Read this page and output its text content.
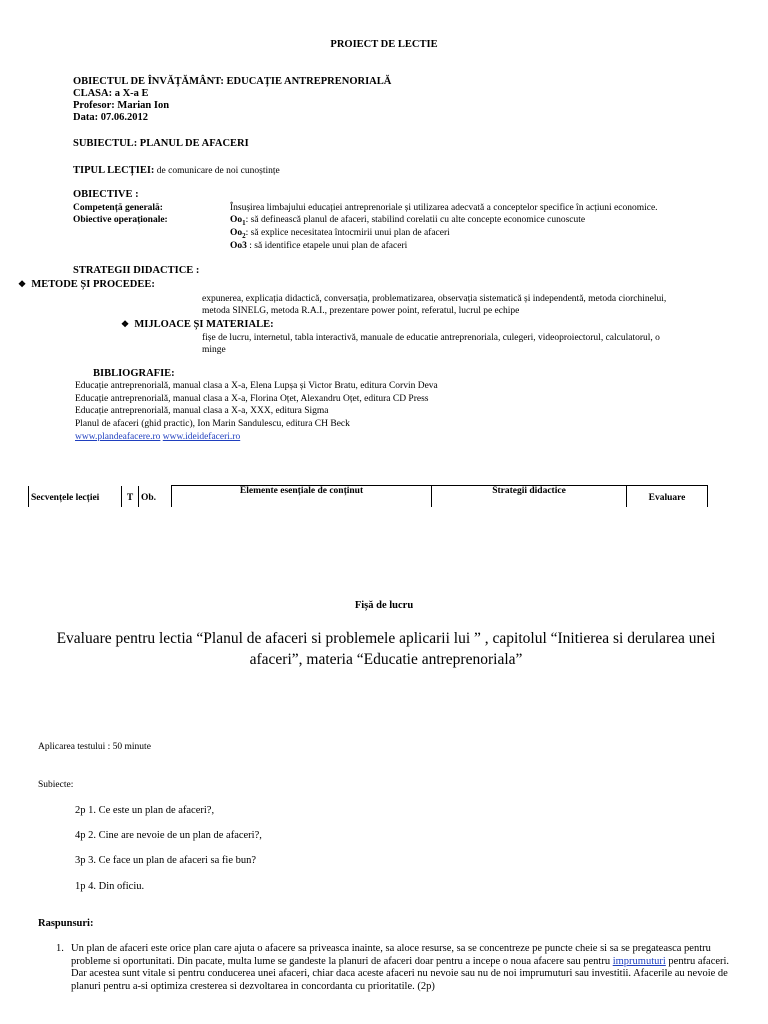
PROIECT DE LECTIE
OBIECTUL DE ÎNVĂȚĂMÂNT: EDUCAȚIE ANTREPRENORIALĂ
CLASA: a X-a E
Profesor: Marian Ion
Data: 07.06.2012
SUBIECTUL: PLANUL DE AFACERI
TIPUL LECȚIEI: de comunicare de noi cunoștințe
OBIECTIVE :
Competență generală:	Însușirea limbajului educației antreprenoriale și utilizarea adecvată a conceptelor specifice în acțiuni economice.
Obiective operaționale:	$Oo_1$: să definească planul de afaceri, stabilind corelatii cu alte concepte economice cunoscute
$Oo_2$: să explice necesitatea întocmirii unui plan de afaceri
Oo3 : să identifice etapele unui plan de afaceri
STRATEGII DIDACTICE :
❖ METODE ȘI PROCEDEE:
expunerea, explicația didactică, conversația, problematizarea, observația sistematică și independentă, metoda ciorchinelui,
metoda SINELG, metoda R.A.I., prezentare power point, referatul, lucrul pe echipe
❖ MIJLOACE ȘI MATERIALE:
fișe de lucru, internetul, tabla interactivă, manuale de educatie antreprenoriala, culegeri, videoproiectorul, calculatorul, o
minge
BIBLIOGRAFIE:
Educație antreprenorială, manual clasa a X-a, Elena Lupșa și Victor Bratu, editura Corvin Deva
Educație antreprenorială, manual clasa a X-a, Florina Oțet, Alexandru Oțet, editura CD Press
Educație antreprenorială, manual clasa a X-a, XXX, editura Sigma
Planul de afaceri (ghid practic), Ion Marin Sandulescu, editura CH Beck
www.plandeafacere.ro www.ideidefaceri.ro
Secvențele lecției	T	Ob.	Elemente esențiale de conținut	Strategii didactice	Evaluare
Fișă de lucru
Evaluare pentru lectia “Planul de afaceri si problemele aplicarii lui ” , capitolul “Initierea si derularea unei afaceri”, materia “Educatie antreprenoriala”
Aplicarea testului : 50 minute
Subiecte:
2p 1. Ce este un plan de afaceri?,
4p 2. Cine are nevoie de un plan de afaceri?,
3p 3. Ce face un plan de afaceri sa fie bun?
1p 4. Din oficiu.
Raspunsuri:
1. Un plan de afaceri este orice plan care ajuta o afacere sa priveasca inainte, sa aloce resurse, sa se concentreze pe puncte cheie si sa se pregateasca pentru probleme si oportunitati. Din pacate, multa lume se gandeste la planuri de afaceri doar pentru a incepe o noua afacere sau pentru imprumuturi pentru afaceri. Dar acestea sunt vitale si pentru conducerea unei afaceri, chiar daca aceste afaceri nu nevoie sau nu de noi imprumuturi sau investitii. Afacerile au nevoie de planuri pentru a-si optimiza cresterea si dezvoltarea in concordanta cu prioritatile. (2p)
